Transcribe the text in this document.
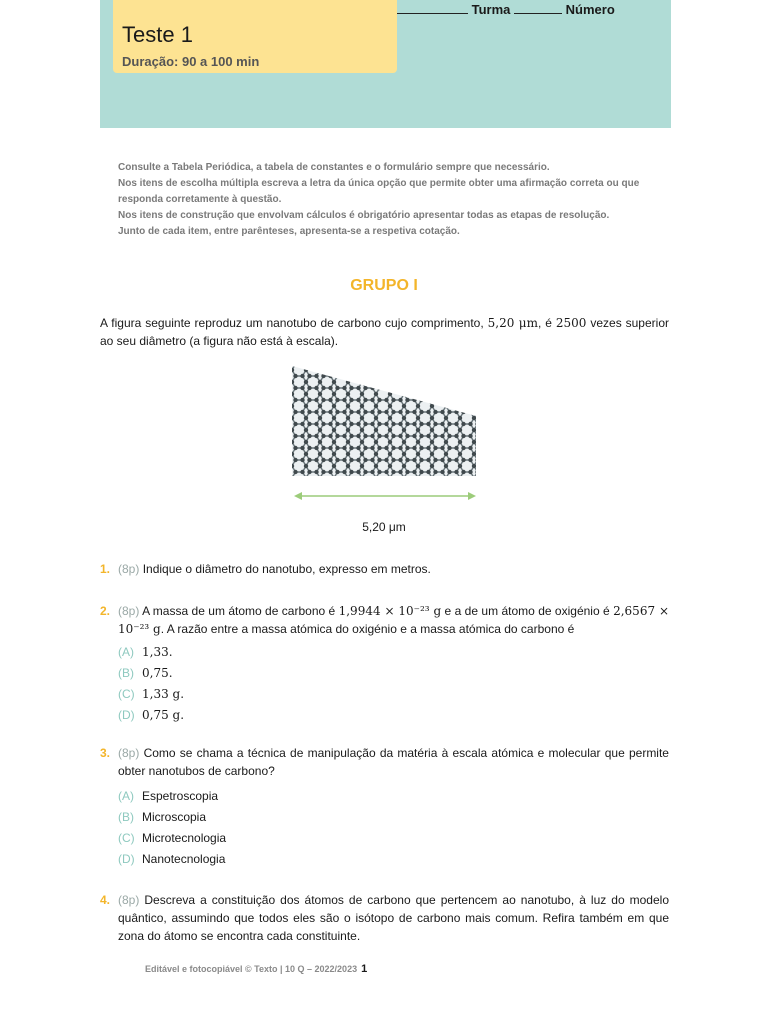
Turma	Número
Teste 1
Duração: 90 a 100 min

Consulte a Tabela Periódica, a tabela de constantes e o formulário sempre que necessário.

Nos itens de escolha múltipla escreva a letra da única opção que permite obter uma afirmação correta ou que responda corretamente à questão.

Nos itens de construção que envolvam cálculos é obrigatório apresentar todas as etapas de resolução.

Junto de cada item, entre parênteses, apresenta-se a respetiva cotação.

GRUPO I
A figura seguinte reproduz um nanotubo de carbono cujo comprimento, 5,20 μm, é 2500 vezes superior ao seu diâmetro (a figura não está à escala).
5,20 μm
1. (8p) Indique o diâmetro do nanotubo, expresso em metros.
2. (8p) A massa de um átomo de carbono é 1,9944 × 10⁻²³ g e a de um átomo de oxigénio é 2,6567 × 10⁻²³ g. A razão entre a massa atómica do oxigénio e a massa atómica do carbono é
(A) 1,33.
(B) 0,75.
(C) 1,33 g.
(D) 0,75 g.
3. (8p) Como se chama a técnica de manipulação da matéria à escala atómica e molecular que permite obter nanotubos de carbono?
(A) Espetroscopia
(B) Microscopia
(C) Microtecnologia
(D) Nanotecnologia
4. (8p) Descreva a constituição dos átomos de carbono que pertencem ao nanotubo, à luz do modelo quântico, assumindo que todos eles são o isótopo de carbono mais comum. Refira também em que zona do átomo se encontra cada constituinte.
Editável e fotocopiável © Texto | 10 Q – 2022/2023 1
